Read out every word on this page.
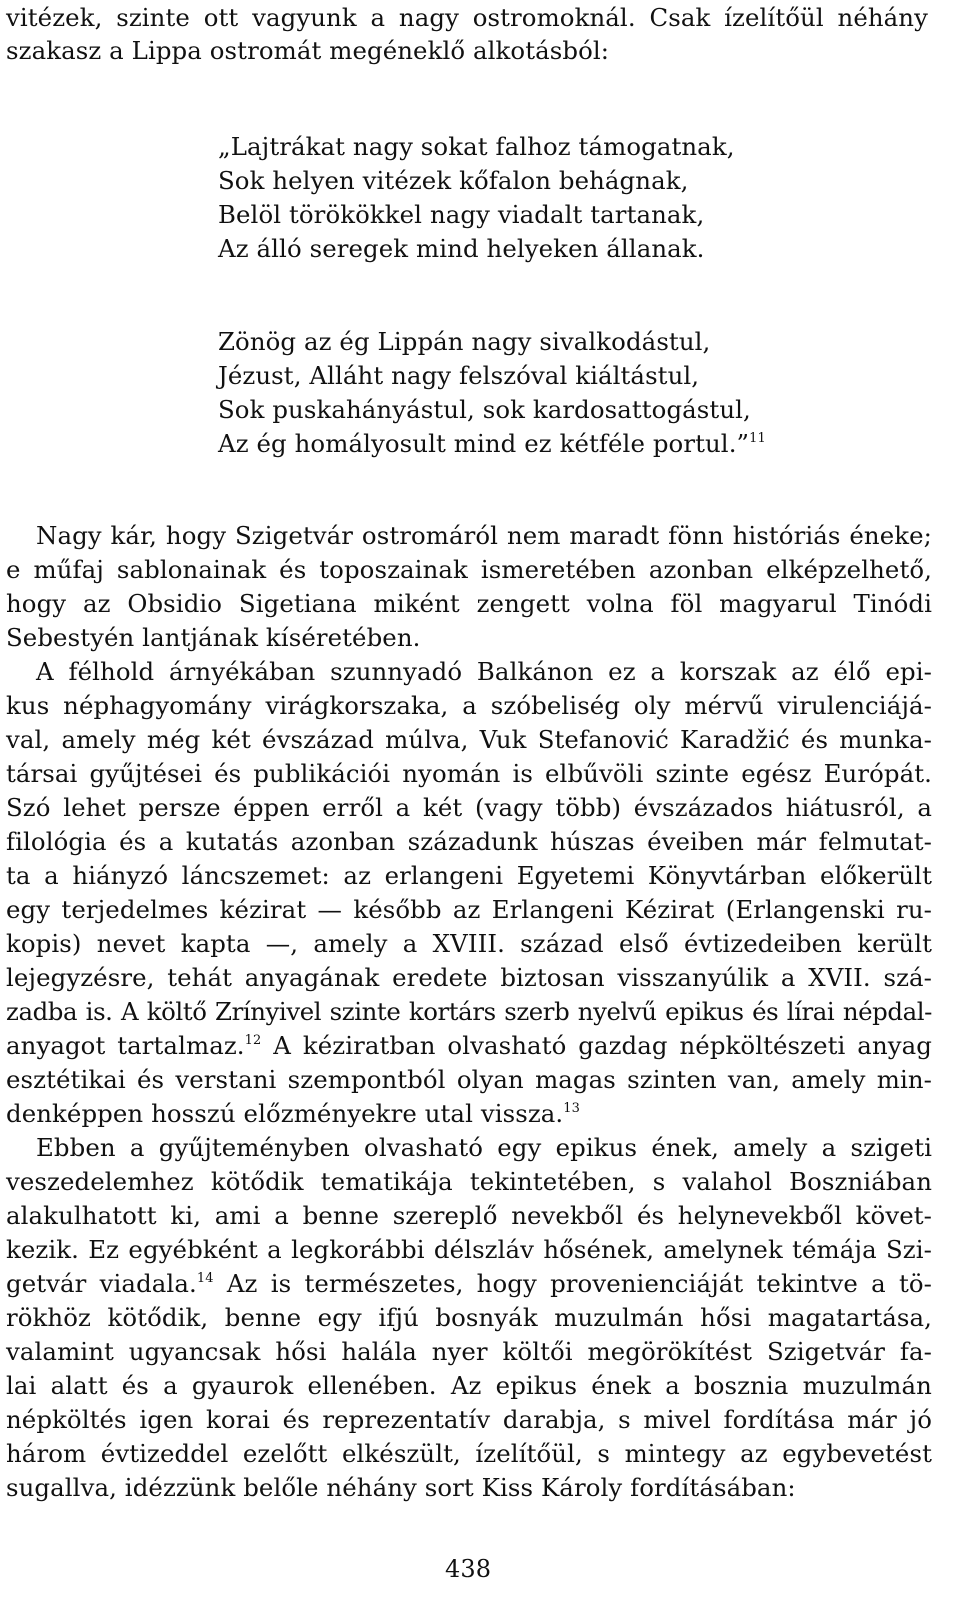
vitézek, szinte ott vagyunk a nagy ostromoknál. Csak ízelítőül néhány
szakasz a Lippa ostromát megéneklő alkotásból:
„Lajtrákat nagy sokat falhoz támogatnak,
Sok helyen vitézek kőfalon behágnak,
Belöl törökökkel nagy viadalt tartanak,
Az álló seregek mind helyeken állanak.
Zönög az ég Lippán nagy sivalkodástul,
Jézust, Alláht nagy felszóval kiáltástul,
Sok puskahányástul, sok kardosattogástul,
Az ég homályosult mind ez kétféle portul.”$^{11}$
Nagy kár, hogy Szigetvár ostromáról nem maradt fönn históriás éneke;
e műfaj sablonainak és toposzainak ismeretében azonban elképzelhető,
hogy az Obsidio Sigetiana miként zengett volna föl magyarul Tinódi
Sebestyén lantjának kíséretében.
A félhold árnyékában szunnyadó Balkánon ez a korszak az élő epi-
kus néphagyomány virágkorszaka, a szóbeliség oly mérvű virulenciájá-
val, amely még két évszázad múlva, Vuk Stefanović Karadžić és munka-
társai gyűjtései és publikációi nyomán is elbűvöli szinte egész Európát.
Szó lehet persze éppen erről a két (vagy több) évszázados hiátusról, a
filológia és a kutatás azonban századunk húszas éveiben már felmutat-
ta a hiányzó láncszemet: az erlangeni Egyetemi Könyvtárban előkerült
egy terjedelmes kézirat — később az Erlangeni Kézirat (Erlangenski ru-
kopis) nevet kapta —, amely a XVIII. század első évtizedeiben került
lejegyzésre, tehát anyagának eredete biztosan visszanyúlik a XVII. szá-
zadba is. A költő Zrínyivel szinte kortárs szerb nyelvű epikus és lírai népdal-
anyagot tartalmaz.$^{12}$ A kéziratban olvasható gazdag népköltészeti anyag
esztétikai és verstani szempontból olyan magas szinten van, amely min-
denképpen hosszú előzményekre utal vissza.$^{13}$
Ebben a gyűjteményben olvasható egy epikus ének, amely a szigeti
veszedelemhez kötődik tematikája tekintetében, s valahol Boszniában
alakulhatott ki, ami a benne szereplő nevekből és helynevekből követ-
kezik. Ez egyébként a legkorábbi délszláv hősének, amelynek témája Szi-
getvár viadala.$^{14}$ Az is természetes, hogy provenienciáját tekintve a tö-
rökhöz kötődik, benne egy ifjú bosnyák muzulmán hősi magatartása,
valamint ugyancsak hősi halála nyer költői megörökítést Szigetvár fa-
lai alatt és a gyaurok ellenében. Az epikus ének a bosznia muzulmán
népköltés igen korai és reprezentatív darabja, s mivel fordítása már jó
három évtizeddel ezelőtt elkészült, ízelítőül, s mintegy az egybevetést
sugallva, idézzünk belőle néhány sort Kiss Károly fordításában:
438
